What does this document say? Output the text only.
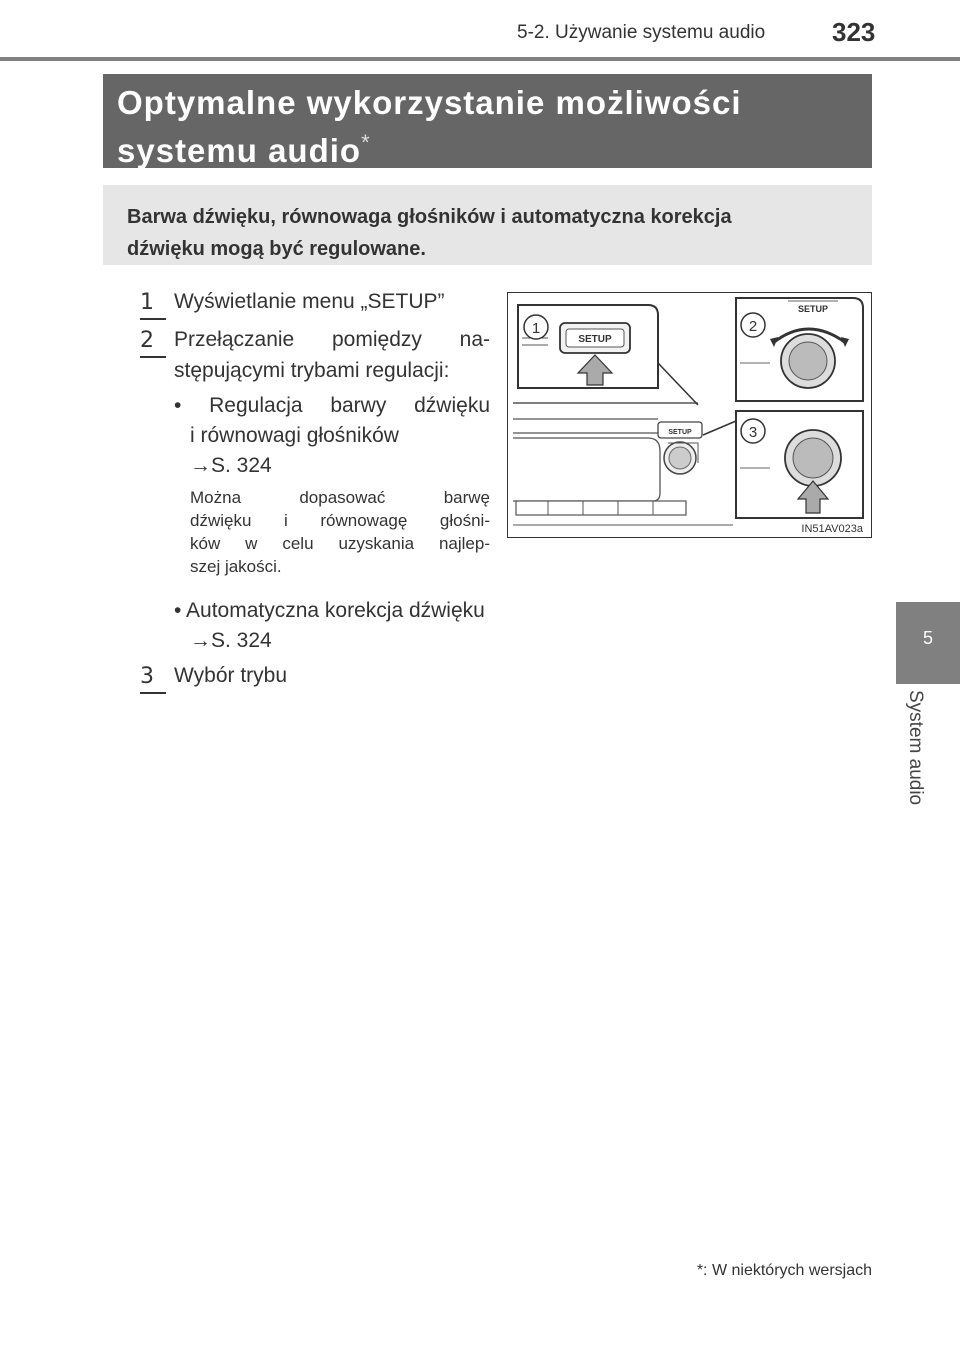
5-2. Używanie systemu audio	323
Optymalne wykorzystanie możliwości
systemu audio*
Barwa dźwięku, równowaga głośników i automatyczna korekcja
dźwięku mogą być regulowane.
1 Wyświetlanie menu „SETUP”
2 Przełączanie pomiędzy na-
stępującymi trybami regulacji:
• Regulacja barwy dźwięku
i równowagi głośników
→S. 324
Można dopasować barwę
dźwięku i równowagę głośni-
ków w celu uzyskania najlep-
szej jakości.
• Automatyczna korekcja dźwięku
→S. 324
3 Wybór trybu
SETUP
SETUP
1
SETUP
2
3
IN51AV023a
5
System audio
*: W niektórych wersjach
